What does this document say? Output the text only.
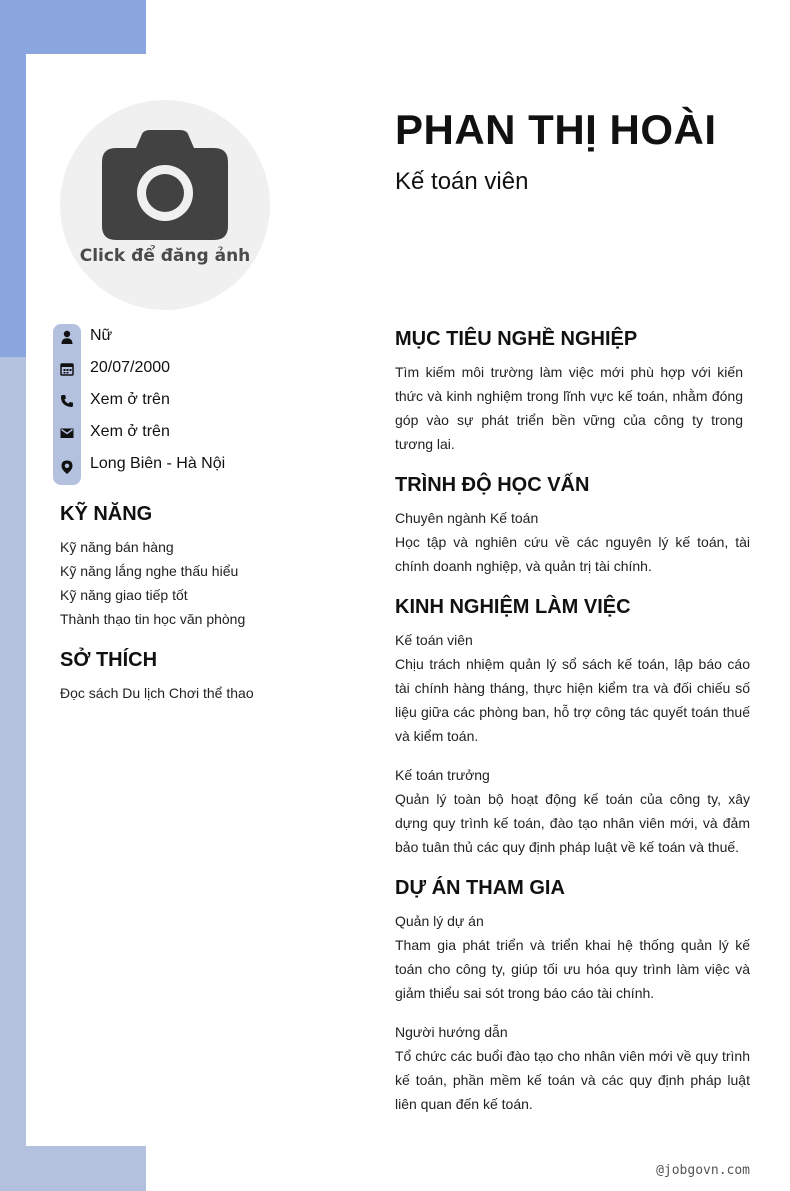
Click để đăng ảnh
PHAN THỊ HOÀI
Kế toán viên
Nữ
20/07/2000
Xem ở trên
Xem ở trên
Long Biên - Hà Nội
KỸ NĂNG
Kỹ năng bán hàng
Kỹ năng lắng nghe thấu hiểu
Kỹ năng giao tiếp tốt
Thành thạo tin học văn phòng
SỞ THÍCH
Đọc sách Du lịch Chơi thể thao
MỤC TIÊU NGHỀ NGHIỆP
Tìm kiếm môi trường làm việc mới phù hợp với kiến thức và kinh nghiệm trong lĩnh vực kế toán, nhằm đóng góp vào sự phát triển bền vững của công ty trong tương lai.
TRÌNH ĐỘ HỌC VẤN
Chuyên ngành Kế toán
Học tập và nghiên cứu về các nguyên lý kế toán, tài chính doanh nghiệp, và quản trị tài chính.
KINH NGHIỆM LÀM VIỆC
Kế toán viên
Chịu trách nhiệm quản lý sổ sách kế toán, lập báo cáo tài chính hàng tháng, thực hiện kiểm tra và đối chiếu số liệu giữa các phòng ban, hỗ trợ công tác quyết toán thuế và kiểm toán.
Kế toán trưởng
Quản lý toàn bộ hoạt động kế toán của công ty, xây dựng quy trình kế toán, đào tạo nhân viên mới, và đảm bảo tuân thủ các quy định pháp luật về kế toán và thuế.
DỰ ÁN THAM GIA
Quản lý dự án
Tham gia phát triển và triển khai hệ thống quản lý kế toán cho công ty, giúp tối ưu hóa quy trình làm việc và giảm thiểu sai sót trong báo cáo tài chính.
Người hướng dẫn
Tổ chức các buổi đào tạo cho nhân viên mới về quy trình kế toán, phần mềm kế toán và các quy định pháp luật liên quan đến kế toán.
@jobgovn.com
